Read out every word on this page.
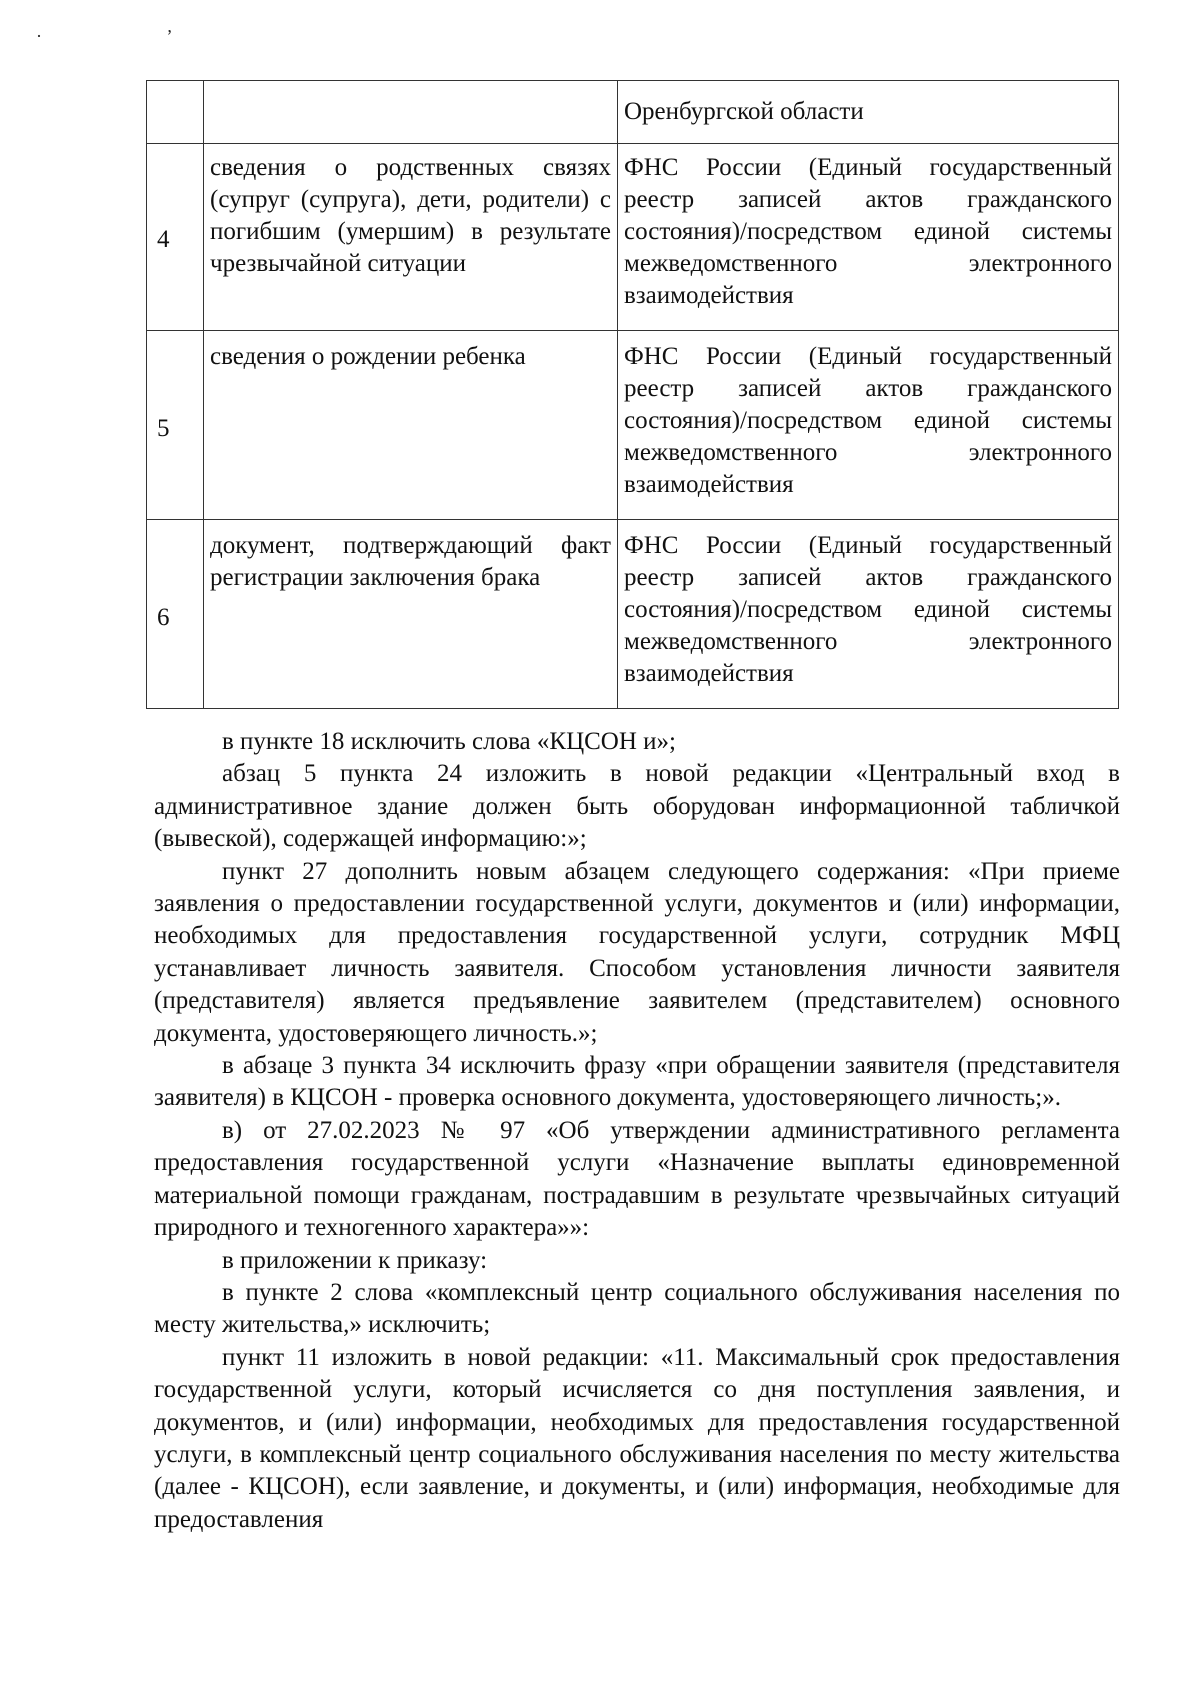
· ʼ
		Оренбургской области
4	сведения о родственных связях (супруг (супруга), дети, родители) с погибшим (умершим) в результате чрезвычайной ситуации	ФНС России (Единый государственный реестр записей актов гражданского состояния)/посредством единой системы межведомственного электронного взаимодействия
5	сведения о рождении ребенка	ФНС России (Единый государственный реестр записей актов гражданского состояния)/посредством единой системы межведомственного электронного взаимодействия
6	документ, подтверждающий факт регистрации заключения брака	ФНС России (Единый государственный реестр записей актов гражданского состояния)/посредством единой системы межведомственного электронного взаимодействия

в пункте 18 исключить слова «КЦСОН и»;

абзац 5 пункта 24 изложить в новой редакции «Центральный вход в административное здание должен быть оборудован информационной табличкой (вывеской), содержащей информацию:»;

пункт 27 дополнить новым абзацем следующего содержания: «При приеме заявления о предоставлении государственной услуги, документов и (или) информации, необходимых для предоставления государственной услуги, сотрудник МФЦ устанавливает личность заявителя. Способом установления личности заявителя (представителя) является предъявление заявителем (представителем) основного документа, удостоверяющего личность.»;

в абзаце 3 пункта 34 исключить фразу «при обращении заявителя (представителя заявителя) в КЦСОН - проверка основного документа, удостоверяющего личность;».

в) от 27.02.2023 № 97 «Об утверждении административного регламента предоставления государственной услуги «Назначение выплаты единовременной материальной помощи гражданам, пострадавшим в результате чрезвычайных ситуаций природного и техногенного характера»»:

в приложении к приказу:

в пункте 2 слова «комплексный центр социального обслуживания населения по месту жительства,» исключить;

пункт 11 изложить в новой редакции: «11. Максимальный срок предоставления государственной услуги, который исчисляется со дня поступления заявления, и документов, и (или) информации, необходимых для предоставления государственной услуги, в комплексный центр социального обслуживания населения по месту жительства (далее - КЦСОН), если заявление, и документы, и (или) информация, необходимые для предоставления
